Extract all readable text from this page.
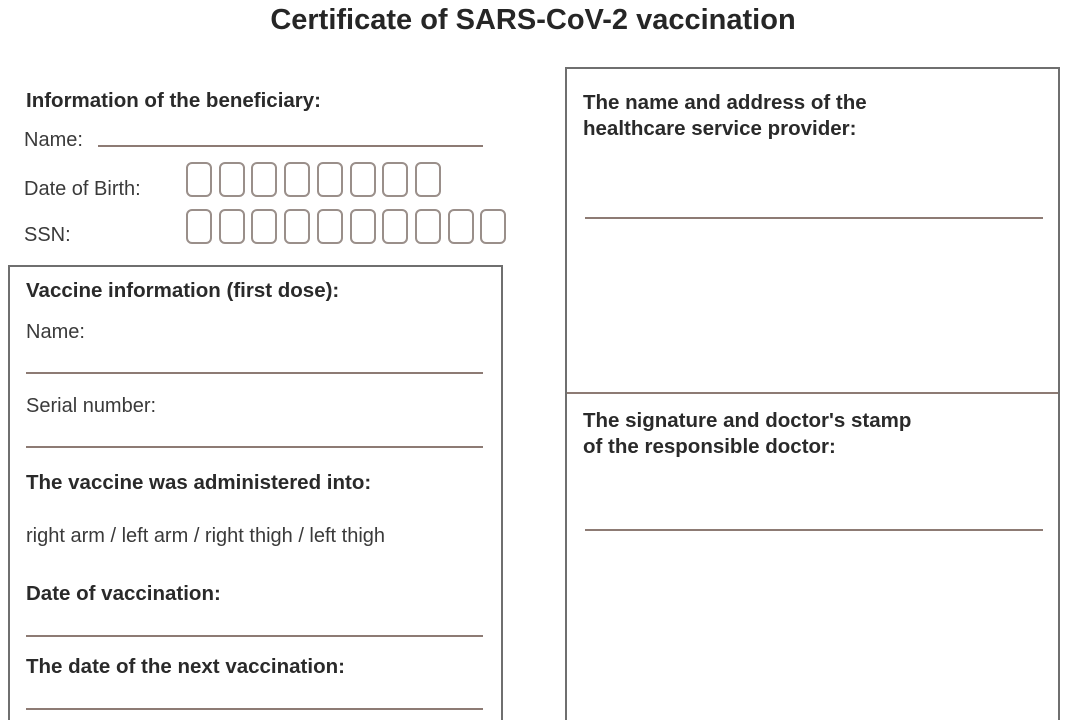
Certificate of SARS-CoV-2 vaccination
Information of the beneficiary:
Name:
Date of Birth:
SSN:
Vaccine information (first dose):
Name:
Serial number:
The vaccine was administered into:
right arm / left arm / right thigh / left thigh
Date of vaccination:
The date of the next vaccination:
The name and address of the
healthcare service provider:
The signature and doctor's stamp
of the responsible doctor:
